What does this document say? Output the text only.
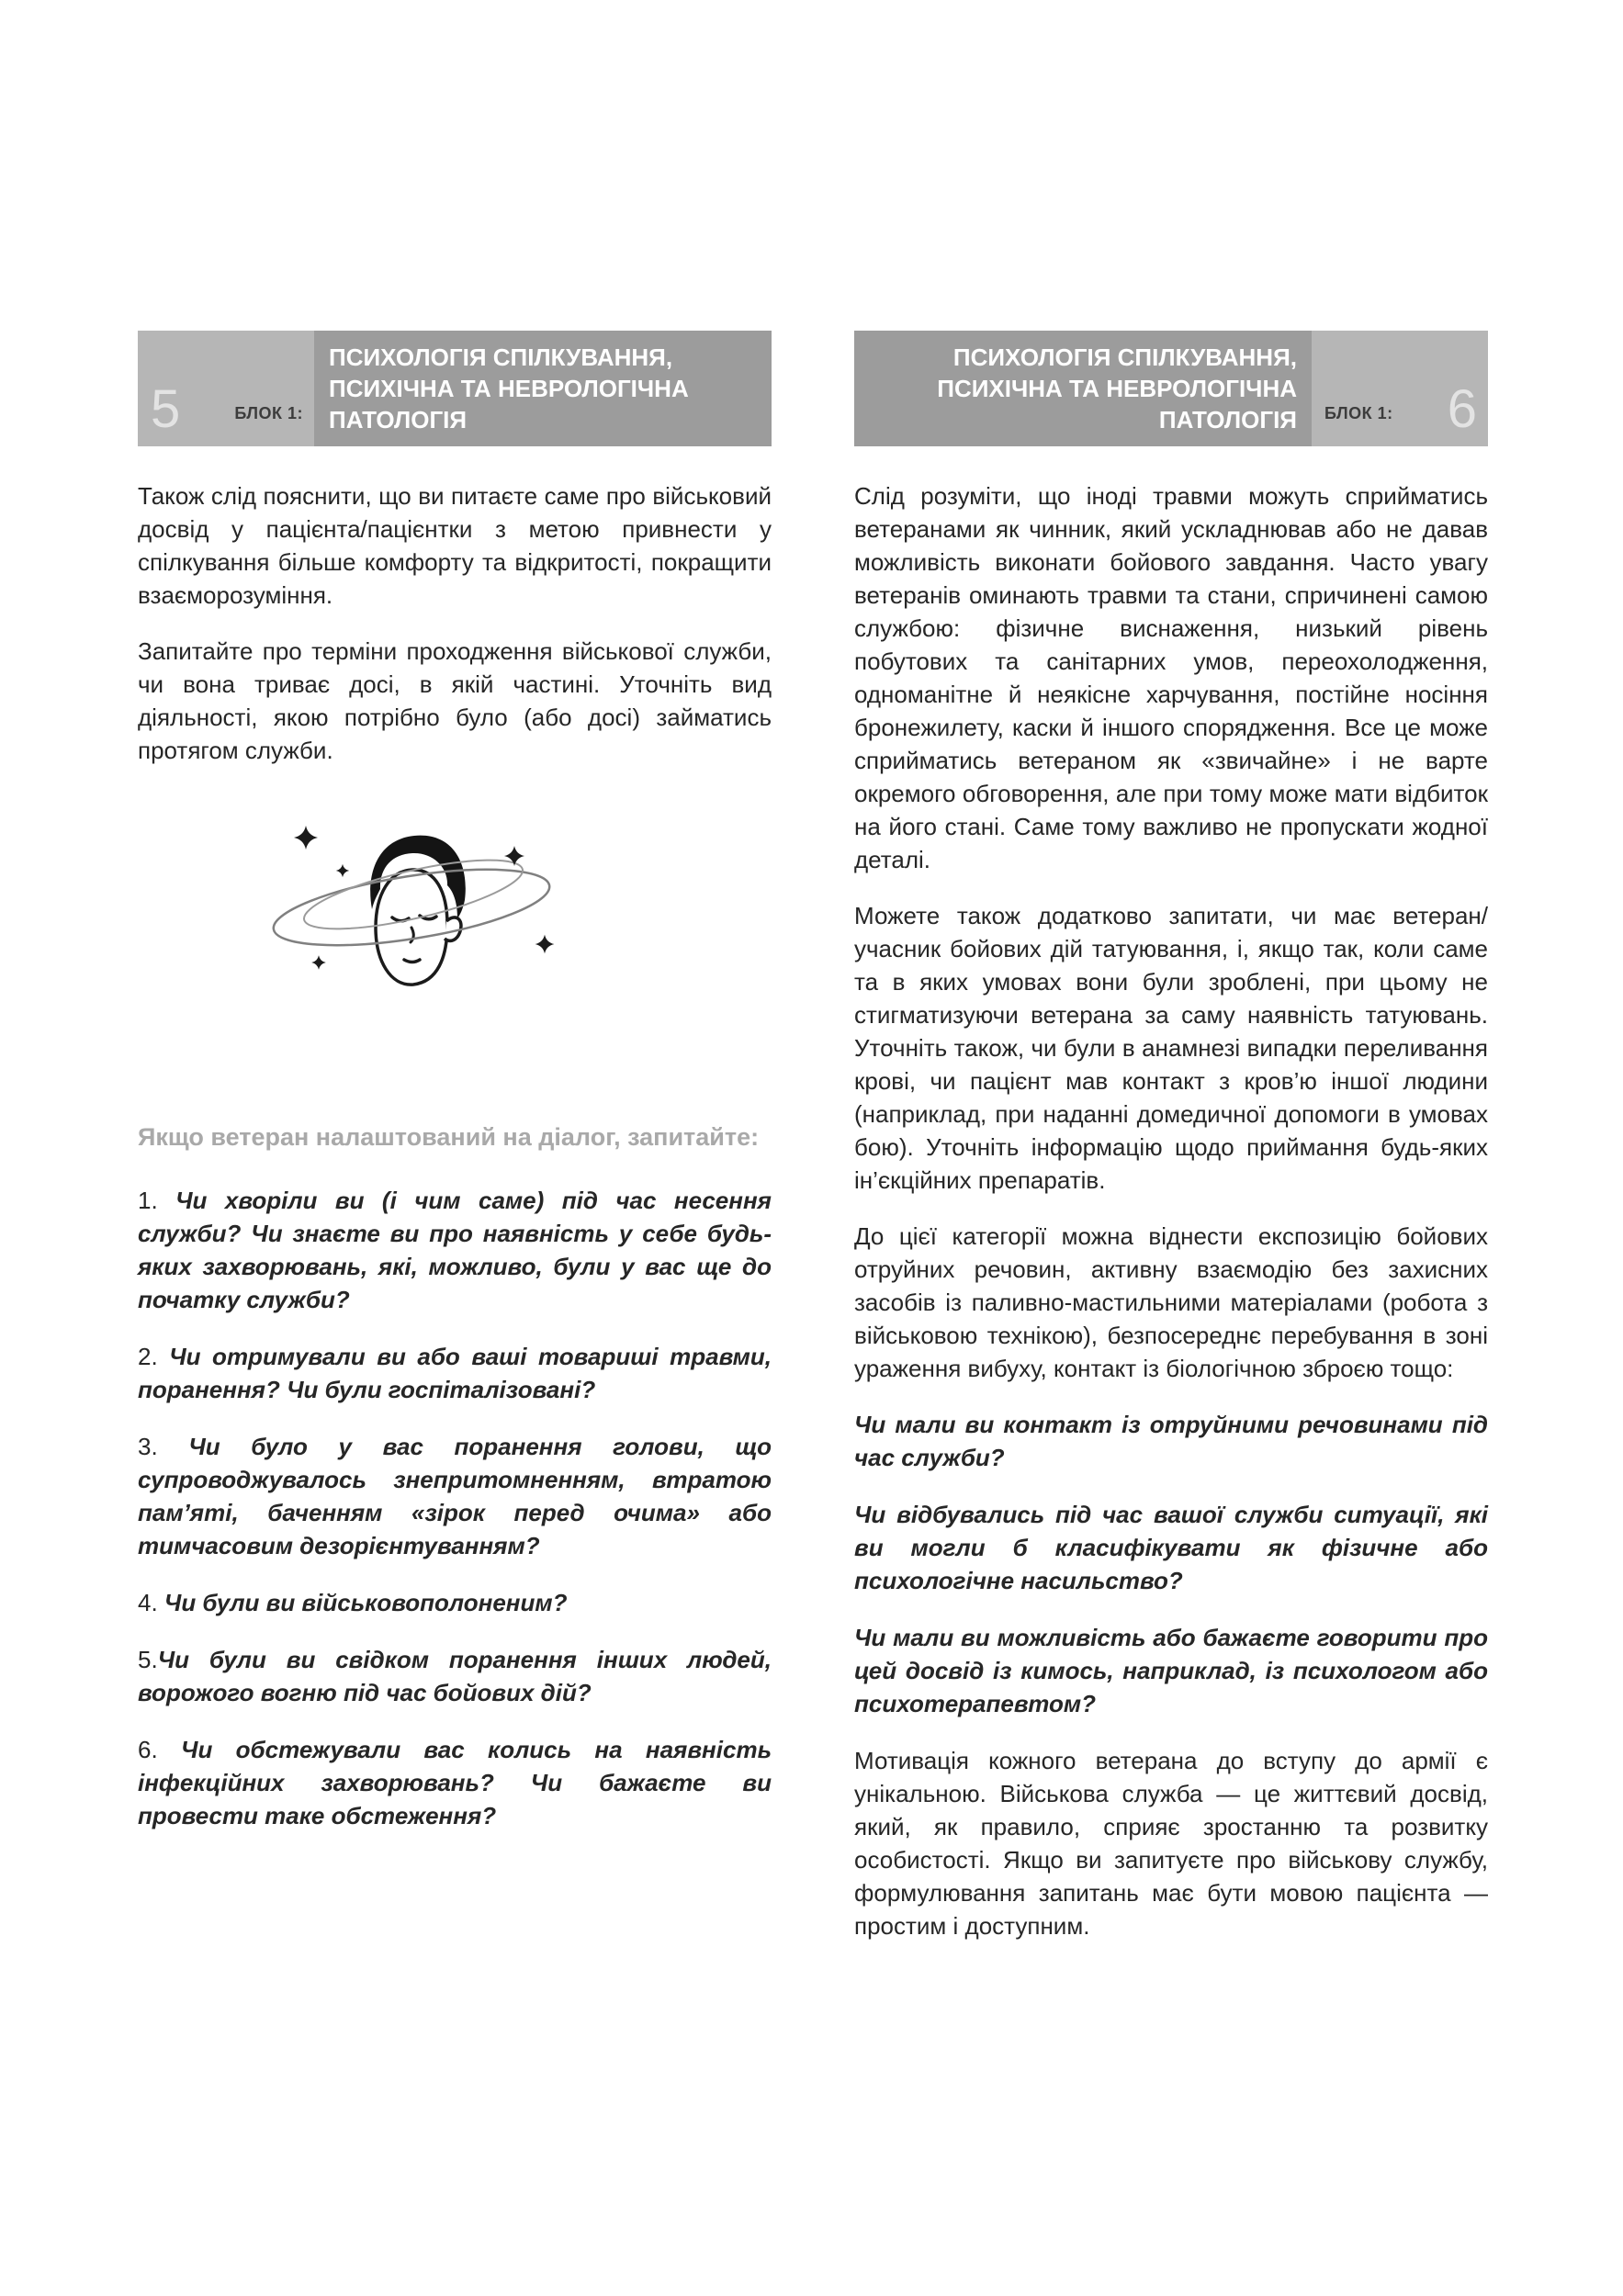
5	БЛОК 1:
ПСИХОЛОГІЯ СПІЛКУВАННЯ,
ПСИХІЧНА ТА НЕВРОЛОГІЧНА
ПАТОЛОГІЯ

Також слід пояснити, що ви питаєте саме про військовий досвід у пацієнта/пацієнтки з метою привнести у спілкування більше комфорту та відкритості, покращити взаєморозуміння.

Запитайте про терміни проходження військової служби, чи вона триває досі, в якій частині. Уточніть вид діяльності, якою потрібно було (або досі) займатись протягом служби.

Якщо ветеран налаштований на діалог, запитайте:

1. Чи хворіли ви (і чим саме) під час несення служби? Чи знаєте ви про наявність у себе будь-яких захворювань, які, можливо, були у вас ще до початку служби?

2. Чи отримували ви або ваші товариші травми, поранення? Чи були госпіталізовані?

3. Чи було у вас поранення голови, що супроводжувалось знепритомненням, втратою пам’яті, баченням «зірок перед очима» або тимчасовим дезорієнтуванням?

4. Чи були ви військовополоненим?

5.Чи були ви свідком поранення інших людей, ворожого вогню під час бойових дій?

6. Чи обстежували вас колись на наявність інфекційних захворювань? Чи бажаєте ви провести таке обстеження?

ПСИХОЛОГІЯ СПІЛКУВАННЯ,
ПСИХІЧНА ТА НЕВРОЛОГІЧНА
ПАТОЛОГІЯ БЛОК 1: 6

Слід розуміти, що іноді травми можуть сприйматись ветеранами як чинник, який ускладнював або не давав можливість виконати бойового завдання. Часто увагу ветеранів оминають травми та стани, спричинені самою службою: фізичне виснаження, низький рівень побутових та санітарних умов, переохолодження, одноманітне й неякісне харчування, постійне носіння бронежилету, каски й іншого спорядження. Все це може сприйматись ветераном як «звичайне» і не варте окремого обговорення, але при тому може мати відбиток на його стані. Саме тому важливо не пропускати жодної деталі.

Можете також додатково запитати, чи має ветеран/учасник бойових дій татуювання, і, якщо так, коли саме та в яких умовах вони були зроблені, при цьому не стигматизуючи ветерана за саму наявність татуювань. Уточніть також, чи були в анамнезі випадки переливання крові, чи пацієнт мав контакт з кров’ю іншої людини (наприклад, при наданні домедичної допомоги в умовах бою). Уточніть інформацію щодо приймання будь-яких ін’єкційних препаратів.

До цієї категорії можна віднести експозицію бойових отруйних речовин, активну взаємодію без захисних засобів із паливно-мастильними матеріалами (робота з військовою технікою), безпосереднє перебування в зоні ураження вибуху, контакт із біологічною зброєю тощо:

Чи мали ви контакт із отруйними речовинами під час служби?

Чи відбувались під час вашої служби ситуації, які ви могли б класифікувати як фізичне або психологічне насильство?

Чи мали ви можливість або бажаєте говорити про цей досвід із кимось, наприклад, із психологом або психотерапевтом?

Мотивація кожного ветерана до вступу до армії є унікальною. Військова служба — це життєвий досвід, який, як правило, сприяє зростанню та розвитку особистості. Якщо ви запитуєте про військову службу, формулювання запитань має бути мовою пацієнта — простим і доступним.
